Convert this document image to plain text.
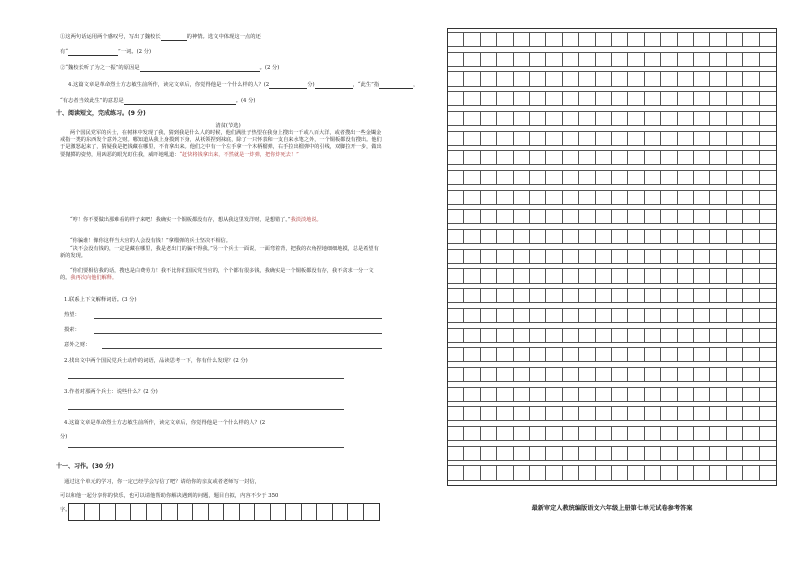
①这两句话运用两个感叹号，写出了魏校长	的神情。选文中体现这一点的还
有“	”一词。(2 分)
②“魏校长听了为之一振”的原因是	。(2 分)
4.这篇文章是革命烈士方志敏生前所作，读完文章后，你觉得他是一个什么样的人？(2	分)	，“此生”指	，
“有志者当效此生”的意思是	。(4 分)
十、阅读短文，完成练习。(9 分)
清贫(节选)
两个国民党军的兵士，在树林中发现了我，猜到我是什么人的时候，他们满肚子热望在我身上搜出一千或八百大洋，或者搜出一些金镯金戒指一类的东西发个意外之财。哪知道从我上身摸到下身，从袄领捏到袜底，除了一只怀表和一支自来水笔之外，一个铜板都没有搜出。他们于是激怒起来了，猜疑我是把钱藏在哪里，不肯拿出来。他们之中有一个左手拿一个木柄榴弹，右手拉出榴弹中的引线，双脚拉开一步，做出要抛掷的姿势，用凶恶的眼光盯住我，威吓地吼道：“赶快将钱拿出来，不然就是一炸弹，把你炸死去！”
“哼！你不要做出那难看的样子来吧！我确实一个铜板都没有存，想从我这里发洋财，是想错了。”我淡淡地说。
“你骗谁！像你这样当大官的人会没有钱！”拿榴弹的兵士坚决不相信。
“决不会没有钱的，一定是藏在哪里，我是老出门的骗不得我。”另一个兵士一面说，一面弯着背，把我的衣角捏地细细地摸，总是希望有新的发现。
“你们要相信我的话，搜也是白费劳力！我不比你们国民党当官的，个个都有很多钱，我确实是一个铜板都没有存，我不贪求一分一文的。我再次向他们解释。
1.联系上下文解释词语。(3 分)
热望：
摸索：
意外之财：
2.找出文中两个国民党兵士动作的词语，品读思考一下，你有什么发现？(2 分)
3.作者对那两个兵士：说些什么？(2 分)
4.这篇文章是革命烈士方志敏生前所作，读完文章后，你觉得他是一个什么样的人？(2
分)
十一、习作。(30 分)
通过这个单元的学习，你一定已经学会写信了吧？请给你的亲友或者老师写一封信，
可以和他一起分享你的快乐，也可以请他帮助你解决遇到的问题，题目自拟，内容不少于 350
字。	最新审定人教统编版语文六年级上册第七单元试卷参考答案
